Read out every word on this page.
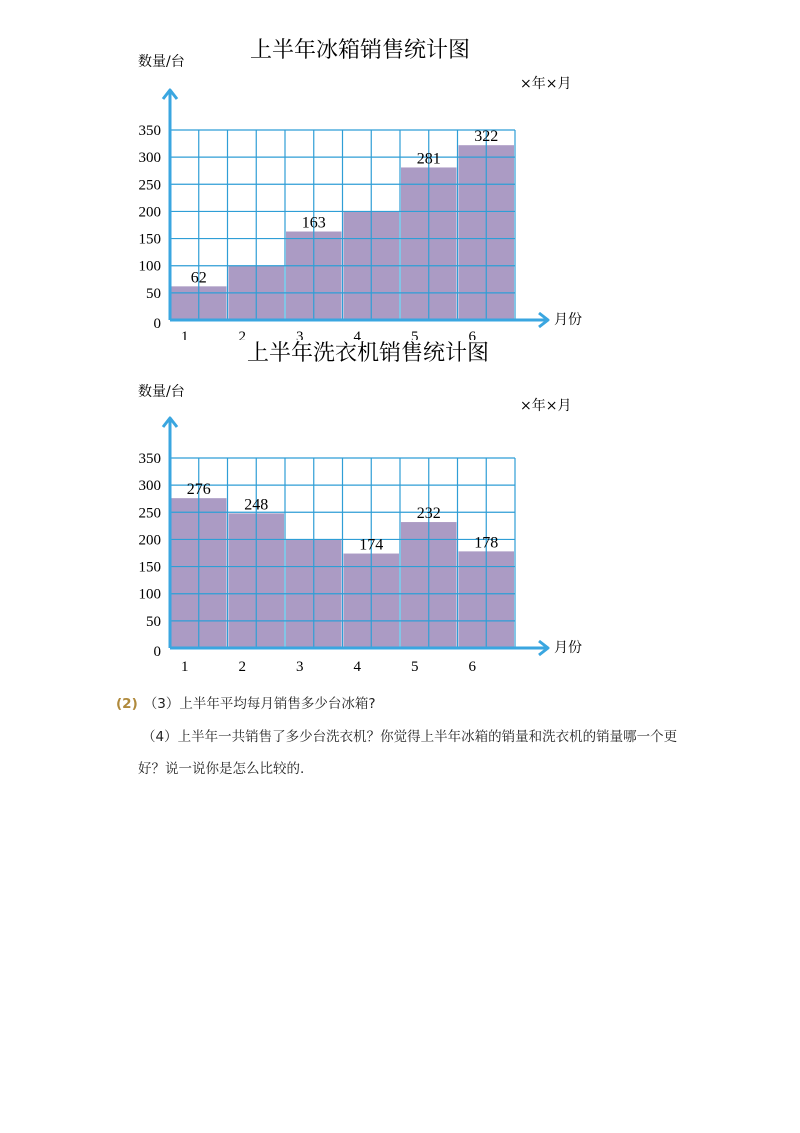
上半年冰箱销售统计图
数量/台
×年×月
月份
0
50
100
150
200
250
300
350
1	2	3	4	5	6
62
163
281
322
上半年洗衣机销售统计图
数量/台
×年×月
月份
0
50
100
150
200
250
300
350
1	2	3	4	5	6
276
248
174
232
178
(2) （3）上半年平均每月销售多少台冰箱?
（4）上半年一共销售了多少台洗衣机？你觉得上半年冰箱的销量和洗衣机的销量哪一个更
好？说一说你是怎么比较的.
